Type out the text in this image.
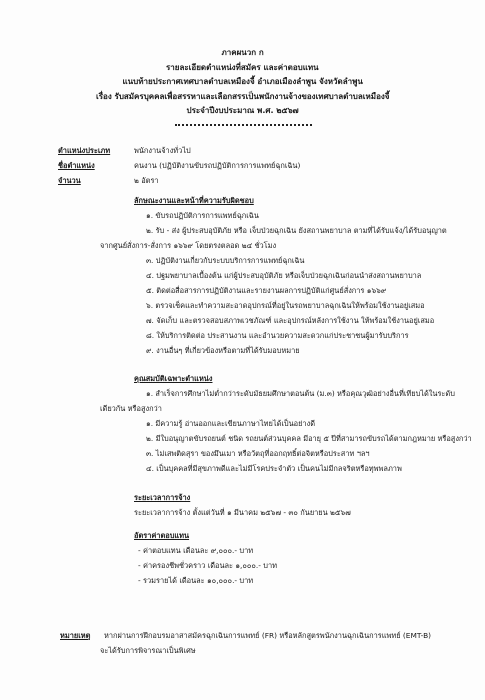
ภาคผนวก ก
รายละเอียดตำแหน่งที่สมัคร และค่าตอบแทน
แนบท้ายประกาศเทศบาลตำบลเหมืองจี้ อำเภอเมืองลำพูน จังหวัดลำพูน
เรื่อง รับสมัครบุคคลเพื่อสรรหาและเลือกสรรเป็นพนักงานจ้างของเทศบาลตำบลเหมืองจี้
ประจำปีงบประมาณ พ.ศ. ๒๕๖๗
ตำแหน่งประเภท	พนักงานจ้างทั่วไป
ชื่อตำแหน่ง	คนงาน (ปฏิบัติงานขับรถปฏิบัติการการแพทย์ฉุกเฉิน)
จำนวน	๒ อัตรา
ลักษณะงานและหน้าที่ความรับผิดชอบ
๑. ขับรถปฏิบัติการการแพทย์ฉุกเฉิน
๒. รับ - ส่ง ผู้ประสบอุบัติภัย หรือ เจ็บป่วยฉุกเฉิน ยังสถานพยาบาล ตามที่ได้รับแจ้ง/ได้รับอนุญาต
จากศูนย์สั่งการ-สั่งการ ๑๖๖๙ โดยตรงตลอด ๒๔ ชั่วโมง
๓. ปฏิบัติงานเกี่ยวกับระบบบริการการแพทย์ฉุกเฉิน
๔. ปฐมพยาบาลเบื้องต้น แก่ผู้ประสบอุบัติภัย หรือเจ็บป่วยฉุกเฉินก่อนนำส่งสถานพยาบาล
๕. ติดต่อสื่อสารการปฏิบัติงานและรายงานผลการปฏิบัติแก่ศูนย์สั่งการ ๑๖๖๙
๖. ตรวจเช็คและทำความสะอาดอุปกรณ์ที่อยู่ในรถพยาบาลฉุกเฉินให้พร้อมใช้งานอยู่เสมอ
๗. จัดเก็บ และตรวจสอบสภาพเวชภัณฑ์ และอุปกรณ์หลังการใช้งาน ให้พร้อมใช้งานอยู่เสมอ
๘. ให้บริการติดต่อ ประสานงาน และอำนวยความสะดวกแก่ประชาชนผู้มารับบริการ
๙. งานอื่นๆ ที่เกี่ยวข้องหรือตามที่ได้รับมอบหมาย
คุณสมบัติเฉพาะตำแหน่ง
๑. สำเร็จการศึกษาไม่ต่ำกว่าระดับมัธยมศึกษาตอนต้น (ม.๓) หรือคุณวุฒิอย่างอื่นที่เทียบได้ในระดับ
เดียวกัน หรือสูงกว่า
๑. มีความรู้ อ่านออกและเขียนภาษาไทยได้เป็นอย่างดี
๒. มีใบอนุญาตขับรถยนต์ ชนิด รถยนต์ส่วนบุคคล มีอายุ ๕ ปีที่สามารถขับรถได้ตามกฎหมาย หรือสูงกว่า
๓. ไม่เสพติดสุรา ของมึนเมา หรือวัตถุที่ออกฤทธิ์ต่อจิตหรือประสาท ฯลฯ
๔. เป็นบุคคลที่มีสุขภาพดีและไม่มีโรคประจำตัว เป็นคนไม่มีกลจริตหรือทุพพลภาพ
ระยะเวลาการจ้าง
ระยะเวลาการจ้าง ตั้งแต่วันที่ ๑ มีนาคม ๒๕๖๗ - ๓๐ กันยายน ๒๕๖๗
อัตราค่าตอบแทน
- ค่าตอบแทน เดือนละ ๙,๐๐๐.- บาท
- ค่าครองชีพชั่วคราว เดือนละ ๑,๐๐๐.- บาท
- รวมรายได้ เดือนละ ๑๐,๐๐๐.- บาท
หมายเหตุ หากผ่านการฝึกอบรมอาสาสมัครฉุกเฉินการแพทย์ (FR) หรือหลักสูตรพนักงานฉุกเฉินการแพทย์ (EMT-B)
จะได้รับการพิจารณาเป็นพิเศษ
